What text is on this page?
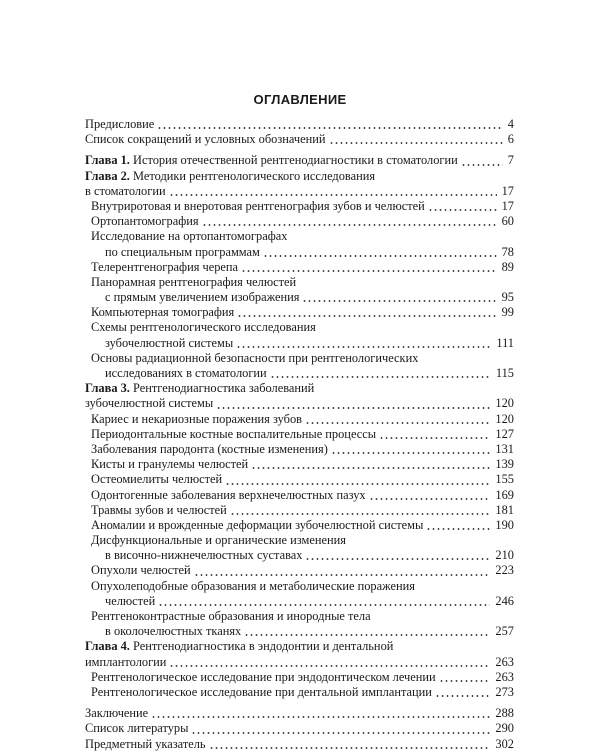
ОГЛАВЛЕНИЕ
Предисловие	4
Список сокращений и условных обозначений	6
Глава 1. История отечественной рентгенодиагностики в стоматологии	7
Глава 2. Методики рентгенологического исследования
в стоматологии	17
Внутриротовая и внеротовая рентгенография зубов и челюстей	17
Ортопантомография	60
Исследование на ортопантомографах
по специальным программам	78
Телерентгенография черепа	89
Панорамная рентгенография челюстей
с прямым увеличением изображения	95
Компьютерная томография	99
Схемы рентгенологического исследования
зубочелюстной системы	111
Основы радиационной безопасности при рентгенологических
исследованиях в стоматологии	115
Глава 3. Рентгенодиагностика заболеваний
зубочелюстной системы	120
Кариес и некариозные поражения зубов	120
Периодонтальные костные воспалительные процессы	127
Заболевания пародонта (костные изменения)	131
Кисты и гранулемы челюстей	139
Остеомиелиты челюстей	155
Одонтогенные заболевания верхнечелюстных пазух	169
Травмы зубов и челюстей	181
Аномалии и врожденные деформации зубочелюстной системы	190
Дисфункциональные и органические изменения
в височно-нижнечелюстных суставах	210
Опухоли челюстей	223
Опухолеподобные образования и метаболические поражения
челюстей	246
Рентгеноконтрастные образования и инородные тела
в околочелюстных тканях	257
Глава 4. Рентгенодиагностика в эндодонтии и дентальной
имплантологии	263
Рентгенологическое исследование при эндодонтическом лечении	263
Рентгенологическое исследование при дентальной имплантации	273
Заключение	288
Список литературы	290
Предметный указатель	302
